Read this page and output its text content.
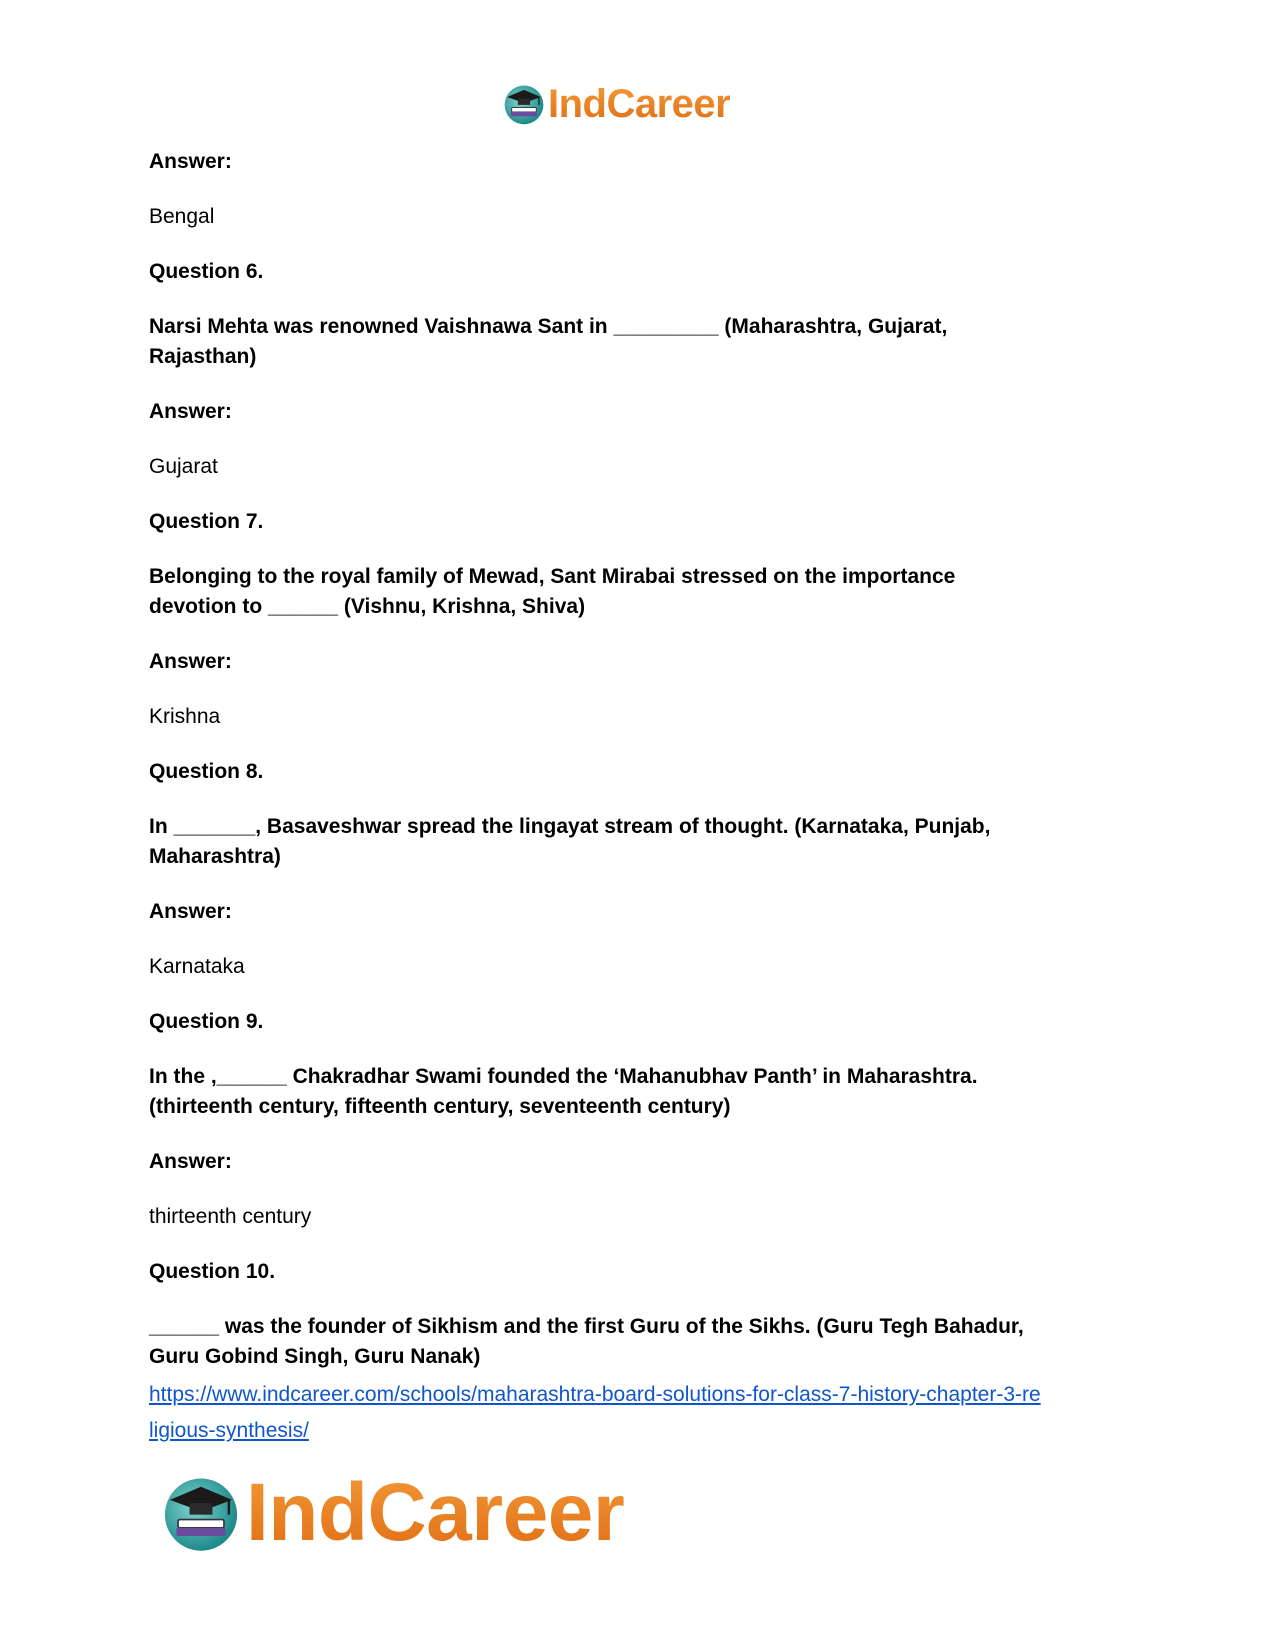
IndCareer
Answer:
Bengal
Question 6.
Narsi Mehta was renowned Vaishnawa Sant in _________ (Maharashtra, Gujarat,
Rajasthan)
Answer:
Gujarat
Question 7.
Belonging to the royal family of Mewad, Sant Mirabai stressed on the importance
devotion to ______ (Vishnu, Krishna, Shiva)
Answer:
Krishna
Question 8.
In _______, Basaveshwar spread the lingayat stream of thought. (Karnataka, Punjab,
Maharashtra)
Answer:
Karnataka
Question 9.
In the ,______ Chakradhar Swami founded the ‘Mahanubhav Panth’ in Maharashtra.
(thirteenth century, fifteenth century, seventeenth century)
Answer:
thirteenth century
Question 10.
______ was the founder of Sikhism and the first Guru of the Sikhs. (Guru Tegh Bahadur,
Guru Gobind Singh, Guru Nanak)
https://www.indcareer.com/schools/maharashtra-board-solutions-for-class-7-history-chapter-3-re
ligious-synthesis/
IndCareer
